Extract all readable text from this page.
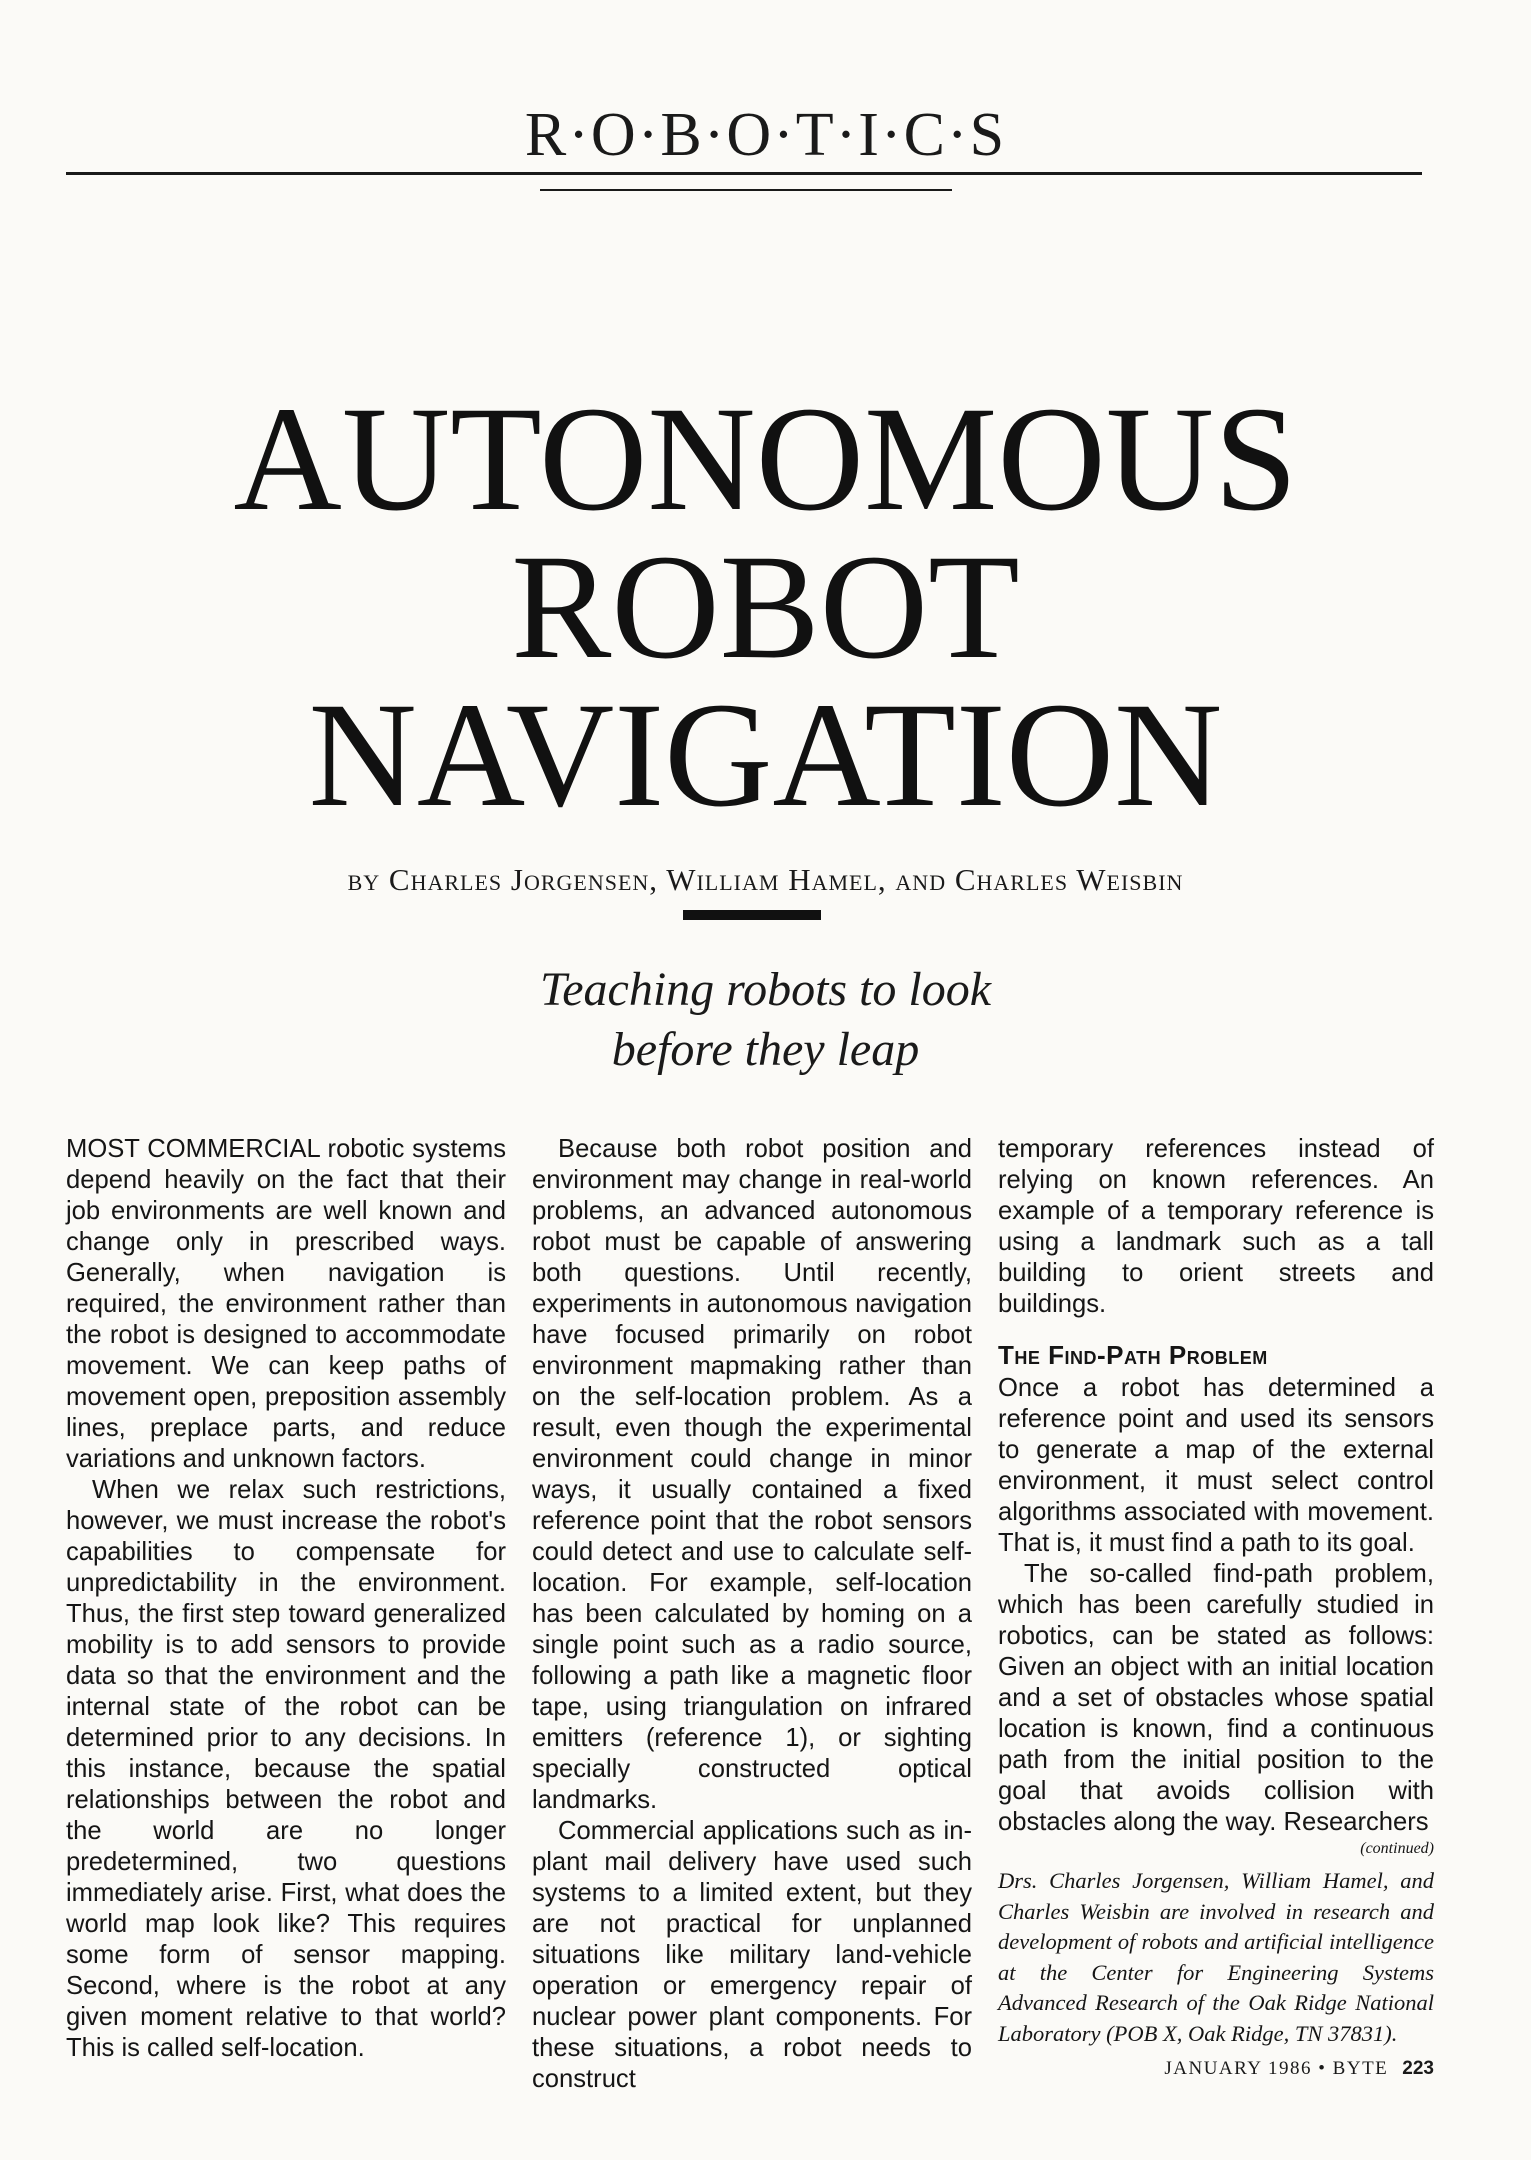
R·O·B·O·T·I·C·S
AUTONOMOUS
ROBOT
NAVIGATION
by Charles Jorgensen, William Hamel, and Charles Weisbin
Teaching robots to look
before they leap

MOST COMMERCIAL robotic systems depend heavily on the fact that their job environments are well known and change only in prescribed ways. Generally, when navigation is required, the environment rather than the robot is designed to accommodate movement. We can keep paths of movement open, preposition assembly lines, preplace parts, and reduce variations and unknown factors.

When we relax such restrictions, however, we must increase the robot's capabilities to compensate for unpredictability in the environment. Thus, the first step toward generalized mobility is to add sensors to provide data so that the environment and the internal state of the robot can be determined prior to any decisions. In this instance, because the spatial relationships between the robot and the world are no longer predetermined, two questions immediately arise. First, what does the world map look like? This requires some form of sensor mapping. Second, where is the robot at any given moment relative to that world? This is called self-location.

Because both robot position and environment may change in real-world problems, an advanced autonomous robot must be capable of answering both questions. Until recently, experiments in autonomous navigation have focused primarily on robot environment mapmaking rather than on the self-location problem. As a result, even though the experimental environment could change in minor ways, it usually contained a fixed reference point that the robot sensors could detect and use to calculate self-location. For example, self-location has been calculated by homing on a single point such as a radio source, following a path like a magnetic floor tape, using triangulation on infrared emitters (reference 1), or sighting specially constructed optical landmarks.

Commercial applications such as in-plant mail delivery have used such systems to a limited extent, but they are not practical for unplanned situations like military land-vehicle operation or emergency repair of nuclear power plant components. For these situations, a robot needs to construct

temporary references instead of relying on known references. An example of a temporary reference is using a landmark such as a tall building to orient streets and buildings.

The Find-Path Problem

Once a robot has determined a reference point and used its sensors to generate a map of the external environment, it must select control algorithms associated with movement. That is, it must find a path to its goal.

The so-called find-path problem, which has been carefully studied in robotics, can be stated as follows: Given an object with an initial location and a set of obstacles whose spatial location is known, find a continuous path from the initial position to the goal that avoids collision with obstacles along the way. Researchers

(continued)
Drs. Charles Jorgensen, William Hamel, and Charles Weisbin are involved in research and development of robots and artificial intelligence at the Center for Engineering Systems Advanced Research of the Oak Ridge National Laboratory (POB X, Oak Ridge, TN 37831).
JANUARY 1986 • BYTE 223
